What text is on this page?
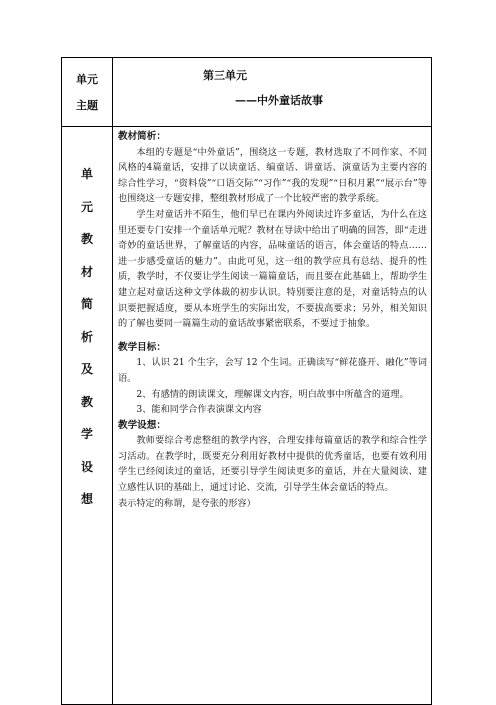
单元
主题
第三单元
——中外童话故事
单
元
教
材
简
析
及
教
学
设
想

教材简析：

本组的专题是“中外童话”，围绕这一专题，教材选取了不同作家、不同风格的4篇童话，安排了以读童话、编童话、讲童话、演童话为主要内容的综合性学习，“资料袋”“口语交际”“习作”“我的发现”“日积月累”“展示台”等也围绕这一专题安排，整组教材形成了一个比较严密的教学系统。

学生对童话并不陌生，他们早已在课内外阅读过许多童话，为什么在这里还要专门安排一个童话单元呢？教材在导读中给出了明确的回答，即“走进奇妙的童话世界，了解童话的内容，品味童话的语言，体会童话的特点……进一步感受童话的魅力”。由此可见，这一组的教学应具有总结、提升的性质，教学时，不仅要让学生阅读一篇篇童话，而且要在此基础上，帮助学生建立起对童话这种文学体裁的初步认识。特别要注意的是，对童话特点的认识要把握适度，要从本班学生的实际出发，不要拔高要求；另外，相关知识的了解也要同一篇篇生动的童话故事紧密联系，不要过于抽象。

教学目标：

1、认识 21 个生字，会写 12 个生词。正确读写“鲜花盛开、融化”等词语。

2、有感情的朗读课文，理解课文内容，明白故事中所蕴含的道理。

3、能和同学合作表演课文内容

教学设想：

教师要综合考虑整组的教学内容，合理安排每篇童话的教学和综合性学习活动。在教学时，既要充分利用好教材中提供的优秀童话，也要有效利用学生已经阅读过的童话，还要引导学生阅读更多的童话，并在大量阅读、建立感性认识的基础上，通过讨论、交流，引导学生体会童话的特点。

表示特定的称谓，是夸张的形容）
